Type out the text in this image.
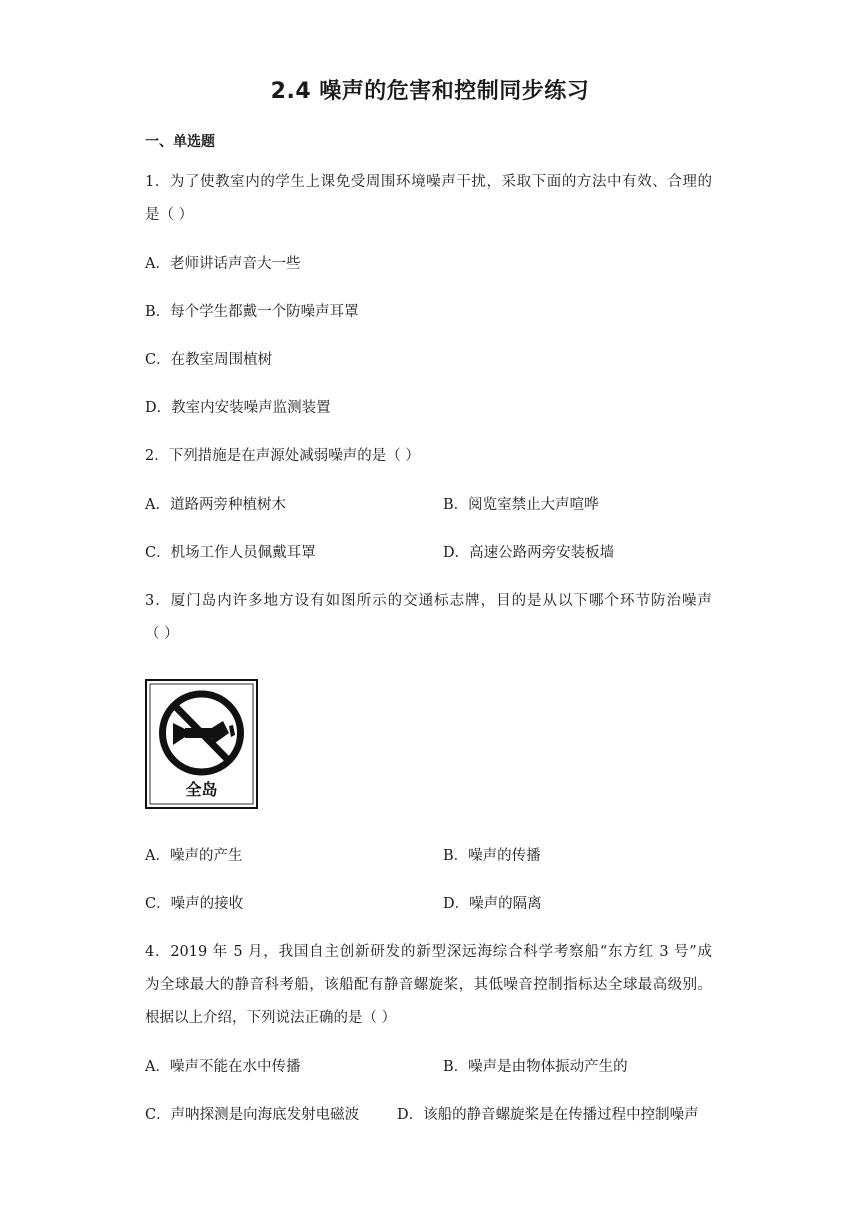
2.4 噪声的危害和控制同步练习
一、单选题
1．为了使教室内的学生上课免受周围环境噪声干扰，采取下面的方法中有效、合理的
是（ ）
A．老师讲话声音大一些
B．每个学生都戴一个防噪声耳罩
C．在教室周围植树
D．教室内安装噪声监测装置
2．下列措施是在声源处减弱噪声的是（ ）
A．道路两旁种植树木	B．阅览室禁止大声喧哗
C．机场工作人员佩戴耳罩	D．高速公路两旁安装板墙
3．厦门岛内许多地方设有如图所示的交通标志牌，目的是从以下哪个环节防治噪声
（ ）
全岛
A．噪声的产生	B．噪声的传播
C．噪声的接收	D．噪声的隔离
4．2019 年 5 月，我国自主创新研发的新型深远海综合科学考察船“东方红 3 号”成
为全球最大的静音科考船，该船配有静音螺旋桨，其低噪音控制指标达全球最高级别。
根据以上介绍，下列说法正确的是（ ）
A．噪声不能在水中传播	B．噪声是由物体振动产生的
C．声呐探测是向海底发射电磁波	D．该船的静音螺旋桨是在传播过程中控制噪声
